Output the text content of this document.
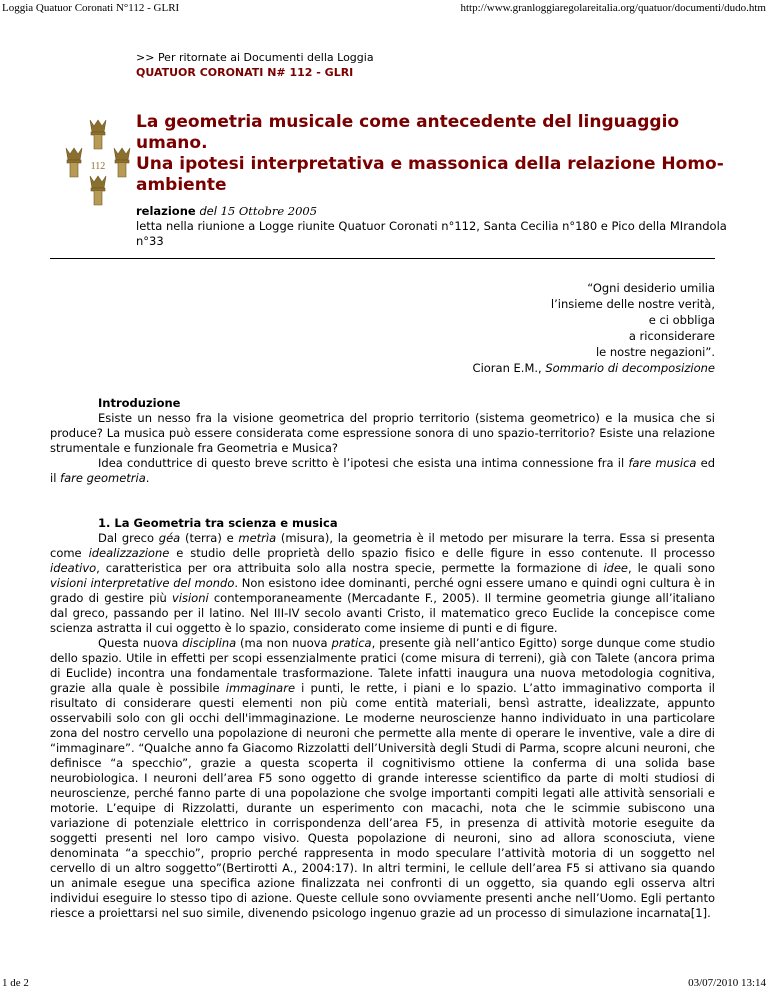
Loggia Quatuor Coronati N°112 - GLRI	http://www.granloggiaregolareitalia.org/quatuor/documenti/dudo.htm
>> Per ritornate ai Documenti della Loggia
QUATUOR CORONATI N# 112 - GLRI
112
La geometria musicale come antecedente del linguaggio umano.
Una ipotesi interpretativa e massonica della relazione Homo-ambiente
relazione del 15 Ottobre 2005
letta nella riunione a Logge riunite Quatuor Coronati n°112, Santa Cecilia n°180 e Pico della MIrandola n°33
“Ogni desiderio umilia
l’insieme delle nostre verità,
e ci obbliga
a riconsiderare
le nostre negazioni”.
Cioran E.M., Sommario di decomposizione

Introduzione

Esiste un nesso fra la visione geometrica del proprio territorio (sistema geometrico) e la musica che si produce? La musica può essere considerata come espressione sonora di uno spazio-territorio? Esiste una relazione strumentale e funzionale fra Geometria e Musica?

Idea conduttrice di questo breve scritto è l’ipotesi che esista una intima connessione fra il fare musica ed il fare geometria.

1. La Geometria tra scienza e musica

Dal greco géa (terra) e metrìa (misura), la geometria è il metodo per misurare la terra. Essa si presenta come idealizzazione e studio delle proprietà dello spazio fisico e delle figure in esso contenute. Il processo ideativo, caratteristica per ora attribuita solo alla nostra specie, permette la formazione di idee, le quali sono visioni interpretative del mondo. Non esistono idee dominanti, perché ogni essere umano e quindi ogni cultura è in grado di gestire più visioni contemporaneamente (Mercadante F., 2005). Il termine geometria giunge all’italiano dal greco, passando per il latino. Nel III-IV secolo avanti Cristo, il matematico greco Euclide la concepisce come scienza astratta il cui oggetto è lo spazio, considerato come insieme di punti e di figure.

Questa nuova disciplina (ma non nuova pratica, presente già nell’antico Egitto) sorge dunque come studio dello spazio. Utile in effetti per scopi essenzialmente pratici (come misura di terreni), già con Talete (ancora prima di Euclide) incontra una fondamentale trasformazione. Talete infatti inaugura una nuova metodologia cognitiva, grazie alla quale è possibile immaginare i punti, le rette, i piani e lo spazio. L’atto immaginativo comporta il risultato di considerare questi elementi non più come entità materiali, bensì astratte, idealizzate, appunto osservabili solo con gli occhi dell'immaginazione. Le moderne neuroscienze hanno individuato in una particolare zona del nostro cervello una popolazione di neuroni che permette alla mente di operare le inventive, vale a dire di “immaginare”. “Qualche anno fa Giacomo Rizzolatti dell’Università degli Studi di Parma, scopre alcuni neuroni, che definisce “a specchio”, grazie a questa scoperta il cognitivismo ottiene la conferma di una solida base neurobiologica. I neuroni dell’area F5 sono oggetto di grande interesse scientifico da parte di molti studiosi di neuroscienze, perché fanno parte di una popolazione che svolge importanti compiti legati alle attività sensoriali e motorie. L’equipe di Rizzolatti, durante un esperimento con macachi, nota che le scimmie subiscono una variazione di potenziale elettrico in corrispondenza dell’area F5, in presenza di attività motorie eseguite da soggetti presenti nel loro campo visivo. Questa popolazione di neuroni, sino ad allora sconosciuta, viene denominata “a specchio”, proprio perché rappresenta in modo speculare l’attività motoria di un soggetto nel cervello di un altro soggetto”(Bertirotti A., 2004:17). In altri termini, le cellule dell’area F5 si attivano sia quando un animale esegue una specifica azione finalizzata nei confronti di un oggetto, sia quando egli osserva altri individui eseguire lo stesso tipo di azione. Queste cellule sono ovviamente presenti anche nell’Uomo. Egli pertanto riesce a proiettarsi nel suo simile, divenendo psicologo ingenuo grazie ad un processo di simulazione incarnata[1].

1 de 2	03/07/2010 13:14
